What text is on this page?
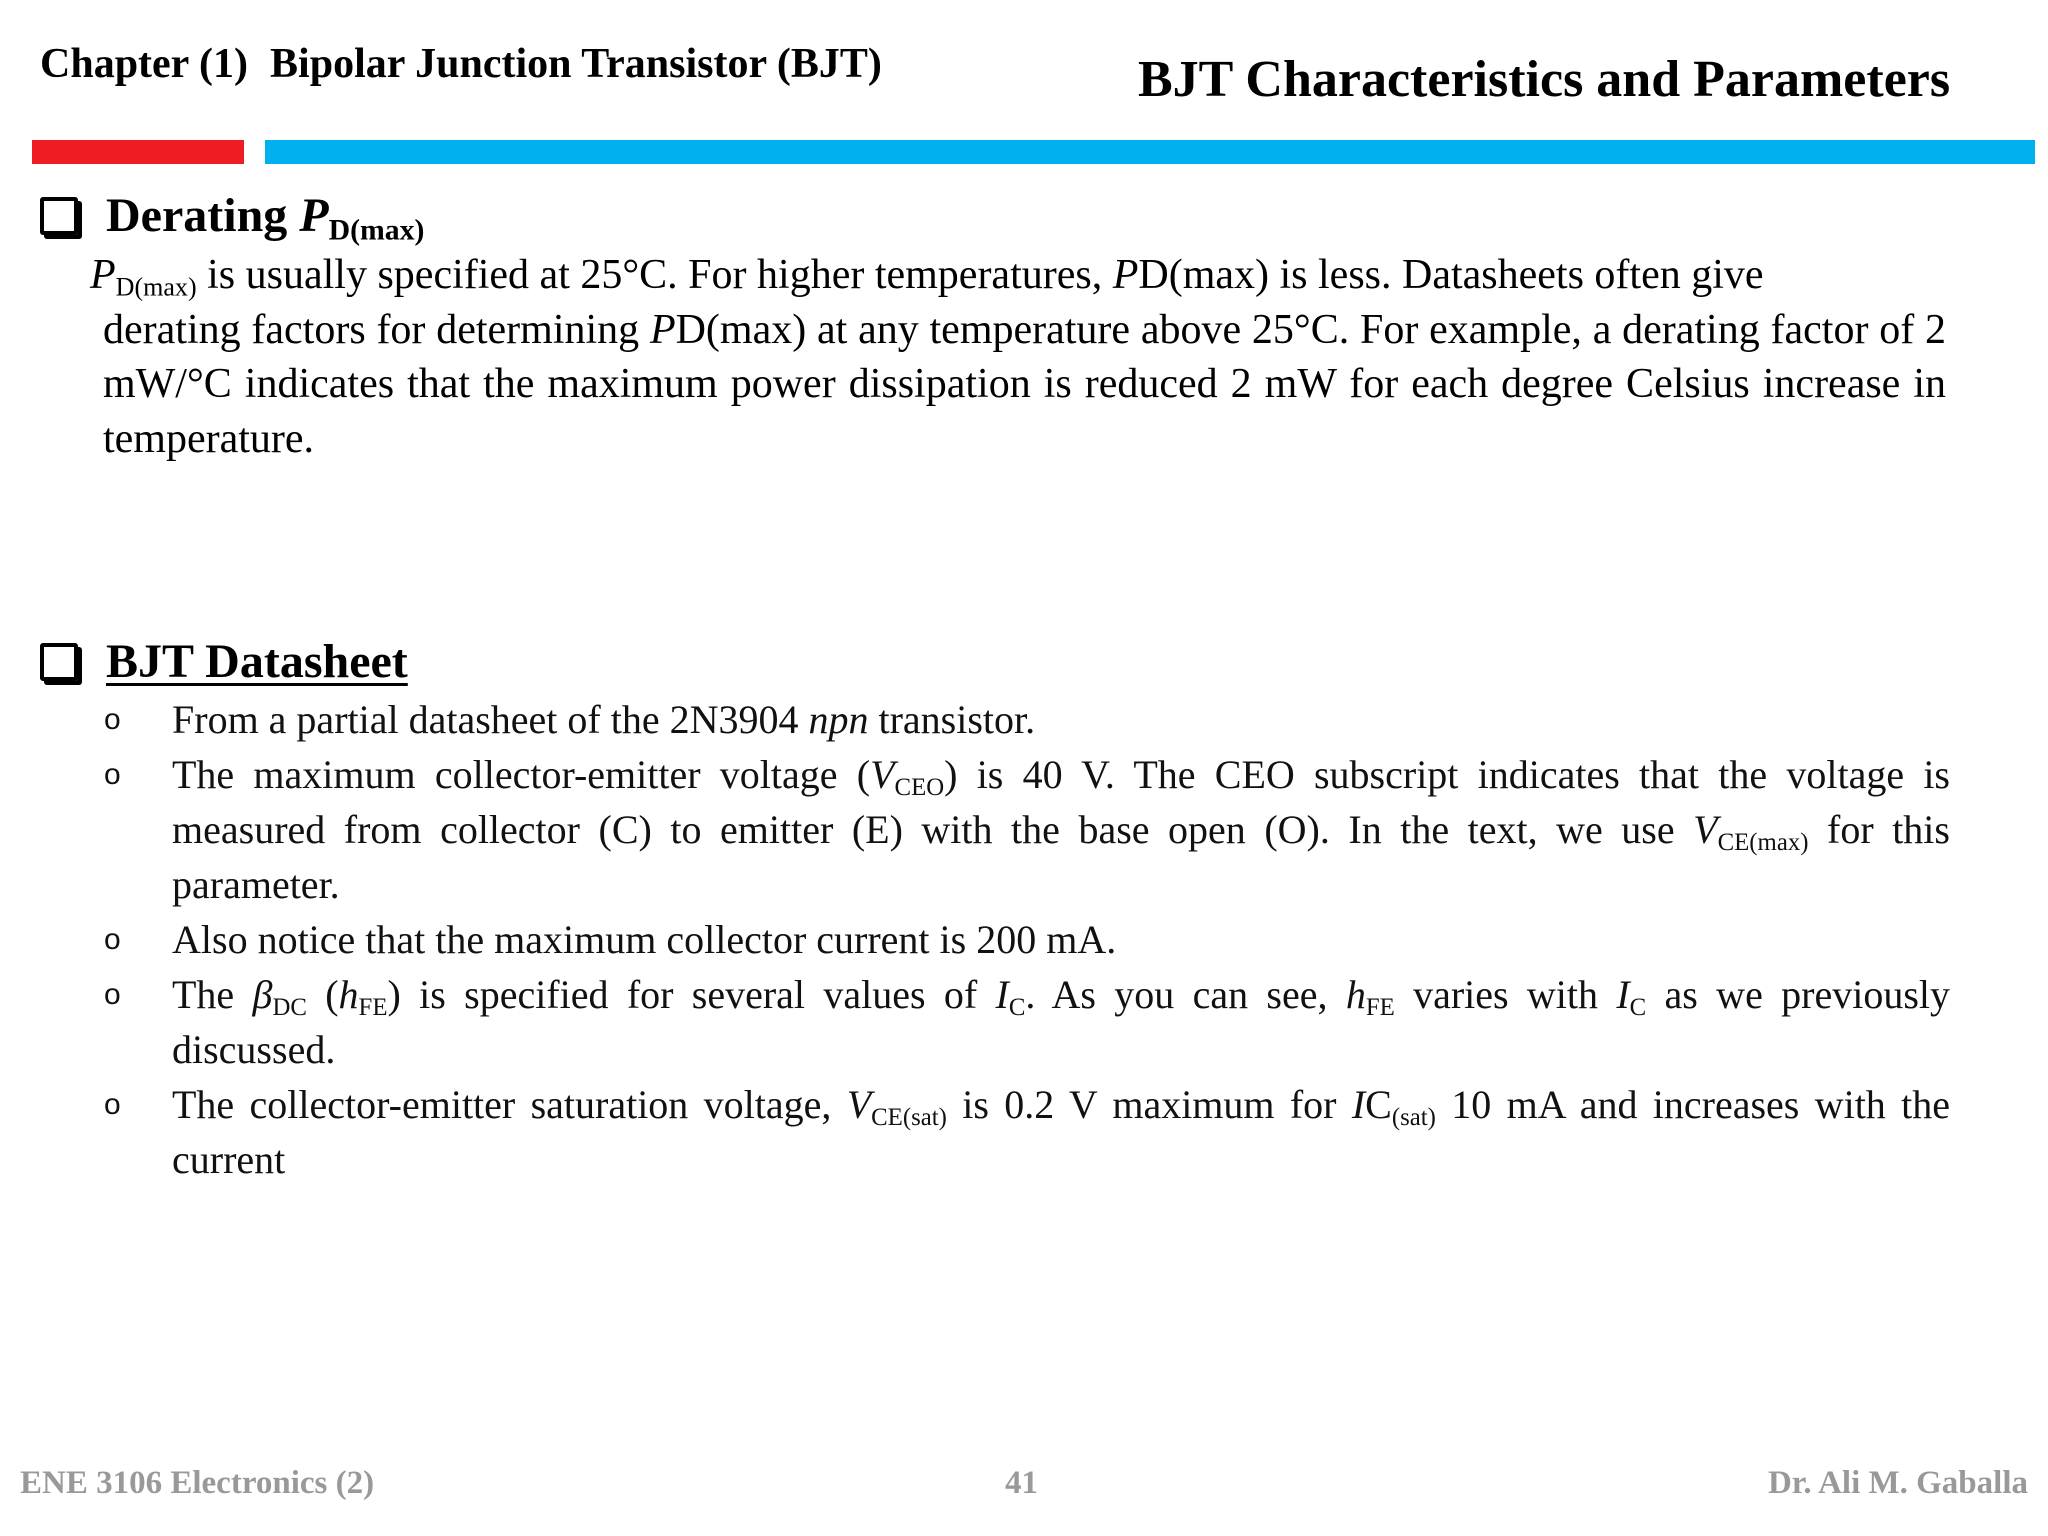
Chapter (1) Bipolar Junction Transistor (BJT)	BJT Characteristics and Parameters
Derating $P_{D(max)}$
$P_{D(max)}$ is usually specified at 25°C. For higher temperatures, PD(max) is less. Datasheets often give
derating factors for determining PD(max) at any temperature above 25°C. For example, a derating factor of 2 mW/°C indicates that the maximum power dissipation is reduced 2 mW for each degree Celsius increase in temperature.
BJT Datasheet
o	From a partial datasheet of the 2N3904 npn transistor.
o	The maximum collector-emitter voltage $(V_{CEO})$ is 40 V. The CEO subscript indicates that the voltage is measured from collector (C) to emitter (E) with the base open (O). In the text, we use $V_{CE(max)}$ for this parameter.
o	Also notice that the maximum collector current is 200 mA.
o	The $\beta_{DC}$ $(h_{FE})$ is specified for several values of $I_C$. As you can see, $h_{FE}$ varies with $I_C$ as we previously discussed.
o	The collector-emitter saturation voltage, $V_{CE(sat)}$ is 0.2 V maximum for $IC_{(sat)}$ 10 mA and increases with the current
ENE 3106 Electronics (2)	41	Dr. Ali M. Gaballa
